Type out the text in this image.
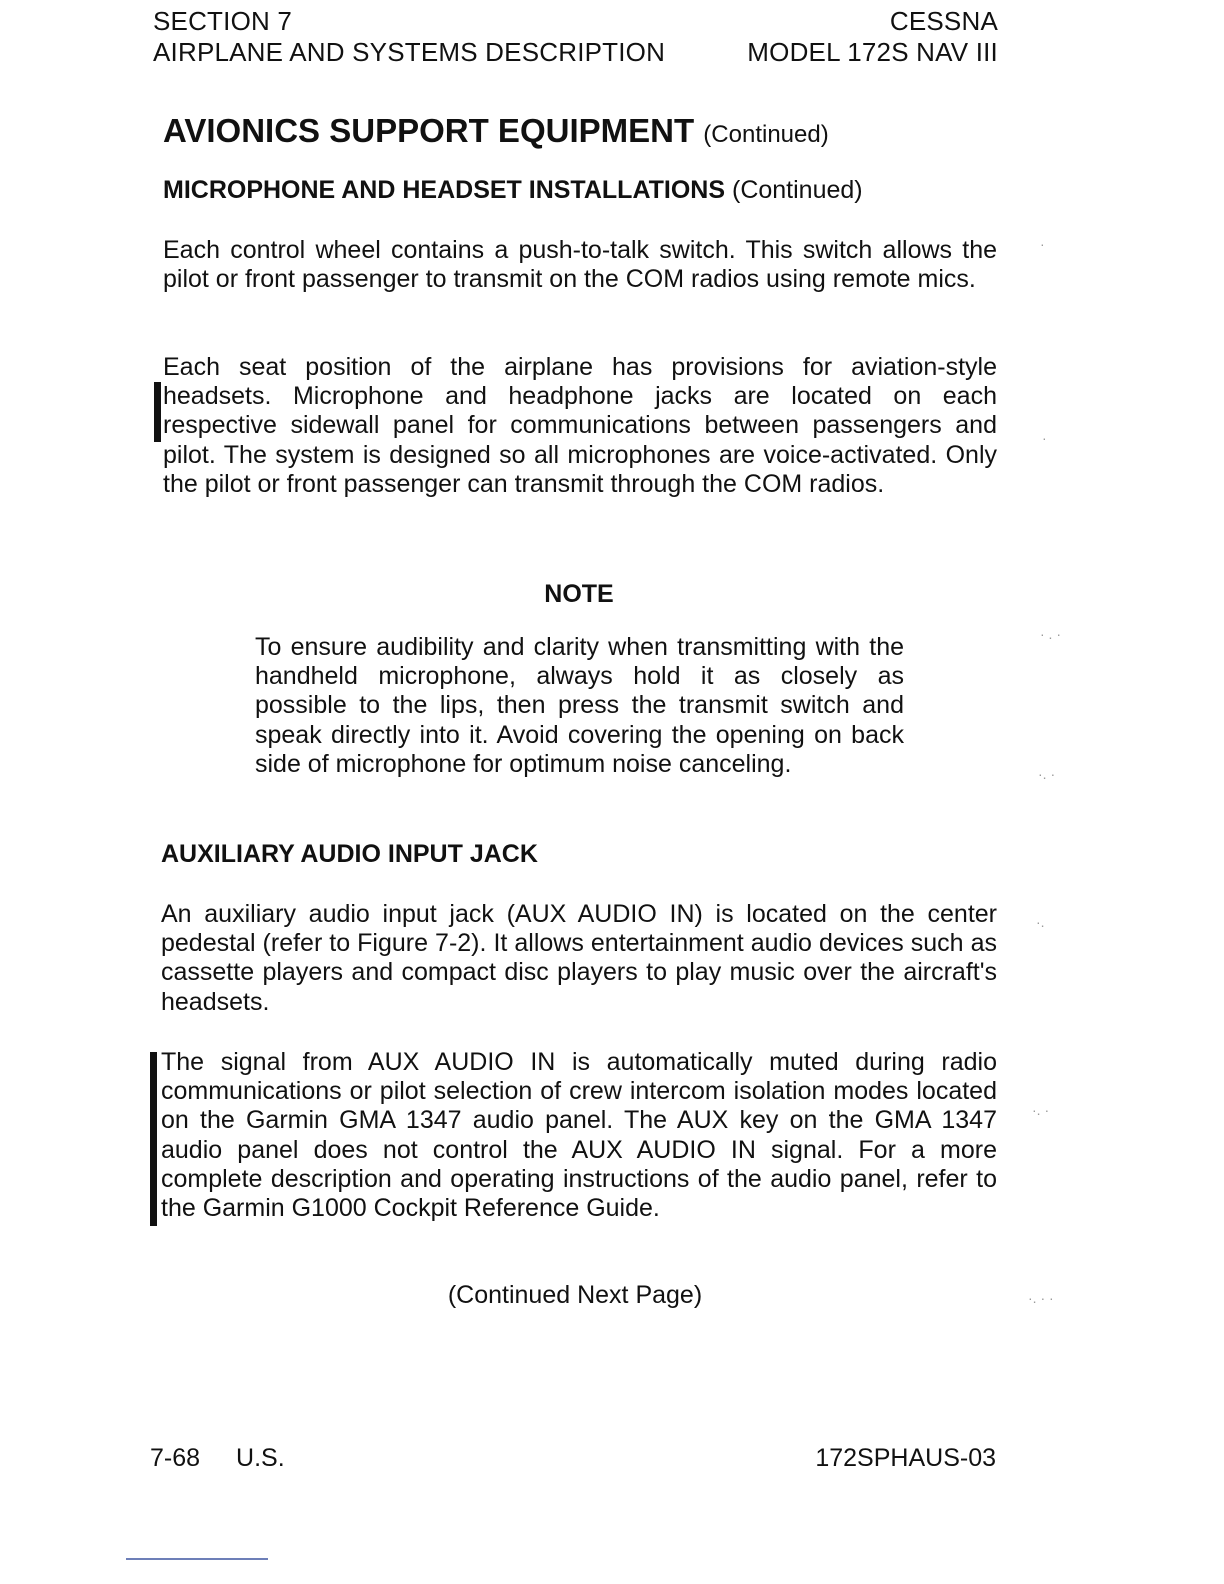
SECTION 7
AIRPLANE AND SYSTEMS DESCRIPTION
CESSNA
MODEL 172S NAV III
AVIONICS SUPPORT EQUIPMENT (Continued)
MICROPHONE AND HEADSET INSTALLATIONS (Continued)

Each control wheel contains a push-to-talk switch. This switch allows the pilot or front passenger to transmit on the COM radios using remote mics.

Each seat position of the airplane has provisions for aviation-style headsets. Microphone and headphone jacks are located on each respective sidewall panel for communications between passengers and pilot. The system is designed so all microphones are voice-activated. Only the pilot or front passenger can transmit through the COM radios.

NOTE

To ensure audibility and clarity when transmitting with the handheld microphone, always hold it as closely as possible to the lips, then press the transmit switch and speak directly into it. Avoid covering the opening on back side of microphone for optimum noise canceling.

AUXILIARY AUDIO INPUT JACK

An auxiliary audio input jack (AUX AUDIO IN) is located on the center pedestal (refer to Figure 7-2). It allows entertainment audio devices such as cassette players and compact disc players to play music over the aircraft's headsets.

The signal from AUX AUDIO IN is automatically muted during radio communications or pilot selection of crew intercom isolation modes located on the Garmin GMA 1347 audio panel. The AUX key on the GMA 1347 audio panel does not control the AUX AUDIO IN signal. For a more complete description and operating instructions of the audio panel, refer to the Garmin G1000 Cockpit Reference Guide.

(Continued Next Page)
7-68 U.S.	172SPHAUS-03
·
·
· . ·
·. ·
·.
·. ·
·. · ·
